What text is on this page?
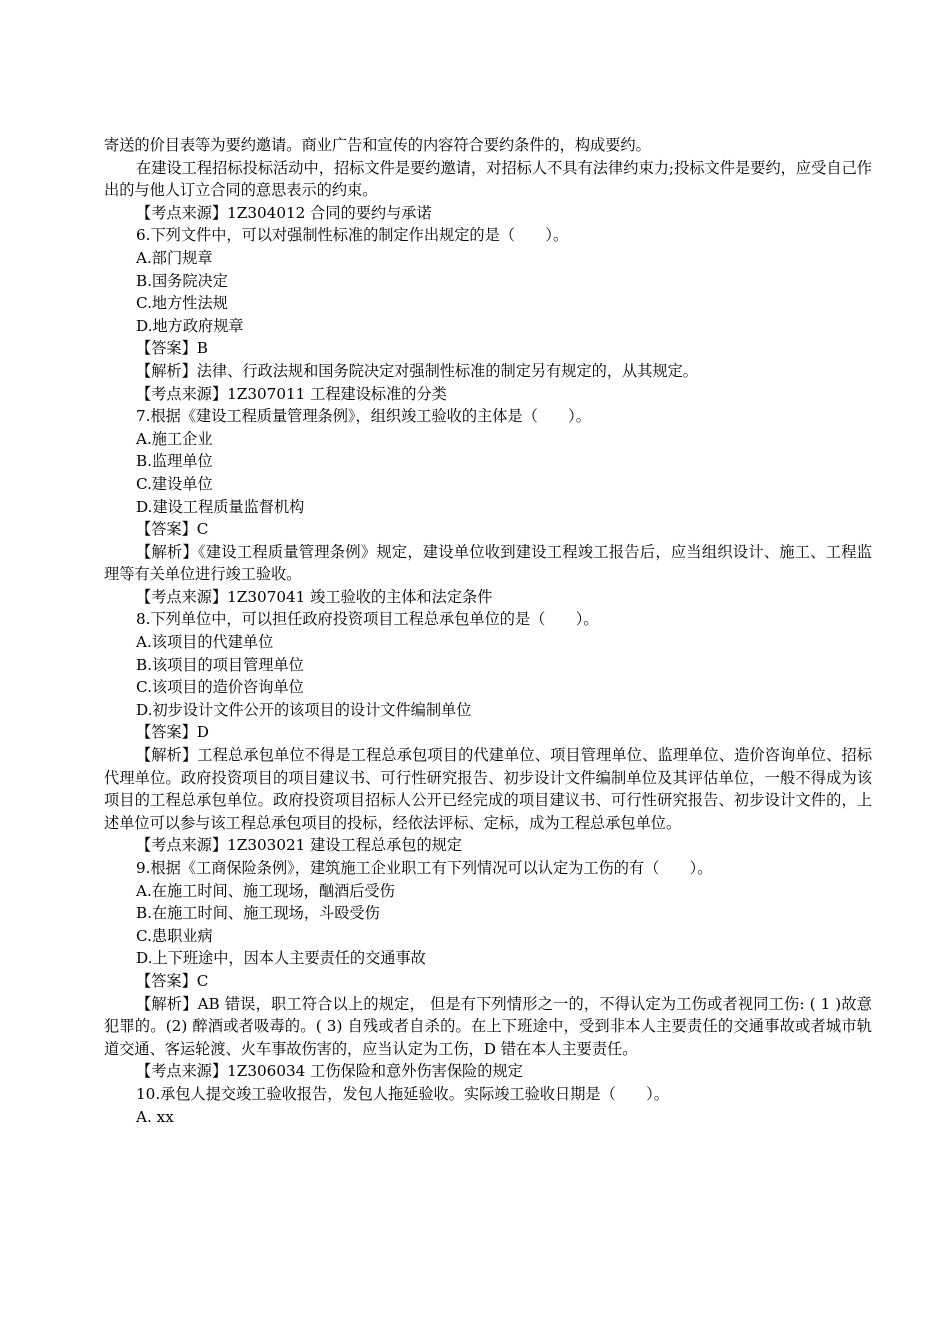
寄送的价目表等为要约邀请。商业广告和宣传的内容符合要约条件的，构成要约。
在建设工程招标投标活动中，招标文件是要约邀请，对招标人不具有法律约束力;投标文件是要约，应受自己作出的与他人订立合同的意思表示的约束。
【考点来源】1Z304012 合同的要约与承诺
6.下列文件中，可以对强制性标准的制定作出规定的是（　　）。
A.部门规章
B.国务院决定
C.地方性法规
D.地方政府规章
【答案】B
【解析】法律、行政法规和国务院决定对强制性标准的制定另有规定的，从其规定。
【考点来源】1Z307011 工程建设标准的分类
7.根据《建设工程质量管理条例》，组织竣工验收的主体是（　　）。
A.施工企业
B.监理单位
C.建设单位
D.建设工程质量监督机构
【答案】C
【解析】《建设工程质量管理条例》规定，建设单位收到建设工程竣工报告后，应当组织设计、施工、工程监理等有关单位进行竣工验收。
【考点来源】1Z307041 竣工验收的主体和法定条件
8.下列单位中，可以担任政府投资项目工程总承包单位的是（　　）。
A.该项目的代建单位
B.该项目的项目管理单位
C.该项目的造价咨询单位
D.初步设计文件公开的该项目的设计文件编制单位
【答案】D
【解析】工程总承包单位不得是工程总承包项目的代建单位、项目管理单位、监理单位、造价咨询单位、招标代理单位。政府投资项目的项目建议书、可行性研究报告、初步设计文件编制单位及其评估单位，一般不得成为该项目的工程总承包单位。政府投资项目招标人公开已经完成的项目建议书、可行性研究报告、初步设计文件的，上述单位可以参与该工程总承包项目的投标，经依法评标、定标，成为工程总承包单位。
【考点来源】1Z303021 建设工程总承包的规定
9.根据《工商保险条例》，建筑施工企业职工有下列情况可以认定为工伤的有（　　）。
A.在施工时间、施工现场，酗酒后受伤
B.在施工时间、施工现场，斗殴受伤
C.患职业病
D.上下班途中，因本人主要责任的交通事故
【答案】C
【解析】AB 错误，职工符合以上的规定， 但是有下列情形之一的，不得认定为工伤或者视同工伤: ( 1 )故意犯罪的。(2) 醉酒或者吸毒的。( 3) 自残或者自杀的。在上下班途中，受到非本人主要责任的交通事故或者城市轨道交通、客运轮渡、火车事故伤害的，应当认定为工伤，D 错在本人主要责任。
【考点来源】1Z306034 工伤保险和意外伤害保险的规定
10.承包人提交竣工验收报告，发包人拖延验收。实际竣工验收日期是（　　）。
A. xx
